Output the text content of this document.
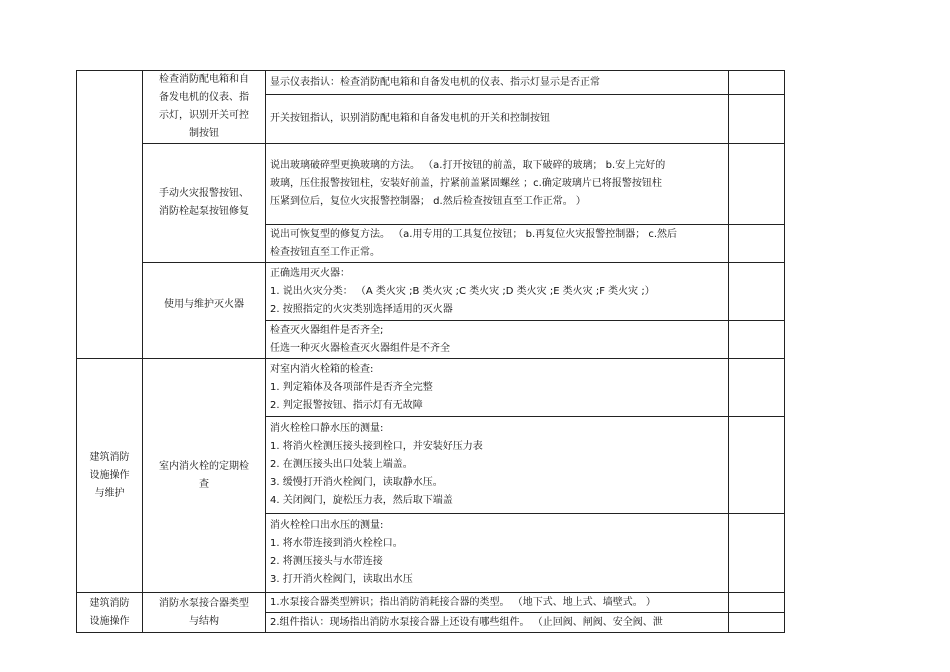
	检查消防配电箱和自
备发电机的仪表、指
示灯，识别开关可控
制按钮	显示仪表指认：检查消防配电箱和自备发电机的仪表、指示灯显示是否正常	

		开关按钮指认，识别消防配电箱和自备发电机的开关和控制按钮	

	手动火灾报警按钮、
消防栓起泵按钮修复	说出玻璃破碎型更换玻璃的方法。 （a.打开按钮的前盖，取下破碎的玻璃； b.安上完好的
玻璃，压住报警按钮柱，安装好前盖，拧紧前盖紧固螺丝 ；c.确定玻璃片已将报警按钮柱
压紧到位后，复位火灾报警控制器； d.然后检查按钮直至工作正常。 ）	

		说出可恢复型的修复方法。 （a.用专用的工具复位按钮； b.再复位火灾报警控制器； c.然后
检查按钮直至工作正常。	

	使用与维护灭火器	正确选用灭火器：
1. 说出火灾分类： （A 类火灾 ;B 类火灾 ;C 类火灾 ;D 类火灾 ;E 类火灾 ;F 类火灾 ;）
2. 按照指定的火灾类别选择适用的灭火器	

		检查灭火器组件是否齐全;
任选一种灭火器检查灭火器组件是不齐全	

建筑消防
设施操作
与维护	室内消火栓的定期检
查	对室内消火栓箱的检查:
1. 判定箱体及各项部件是否齐全完整
2. 判定报警按钮、指示灯有无故障	

		消火栓栓口静水压的测量:
1. 将消火栓测压接头接到栓口，并安装好压力表
2. 在测压接头出口处装上端盖。
3. 缓慢打开消火栓阀门，读取静水压。
4. 关闭阀门，旋松压力表，然后取下端盖	

		消火栓栓口出水压的测量:
1. 将水带连接到消火栓栓口。
2. 将测压接头与水带连接
3. 打开消火栓阀门，读取出水压	

建筑消防
设施操作	消防水泵接合器类型
与结构	1.水泵接合器类型辨识；指出消防消耗接合器的类型。 （地下式、地上式、墙壁式。 ）	

		2.组件指认：现场指出消防水泵接合器上还设有哪些组件。 （止回阀、闸阀、安全阀、泄	
